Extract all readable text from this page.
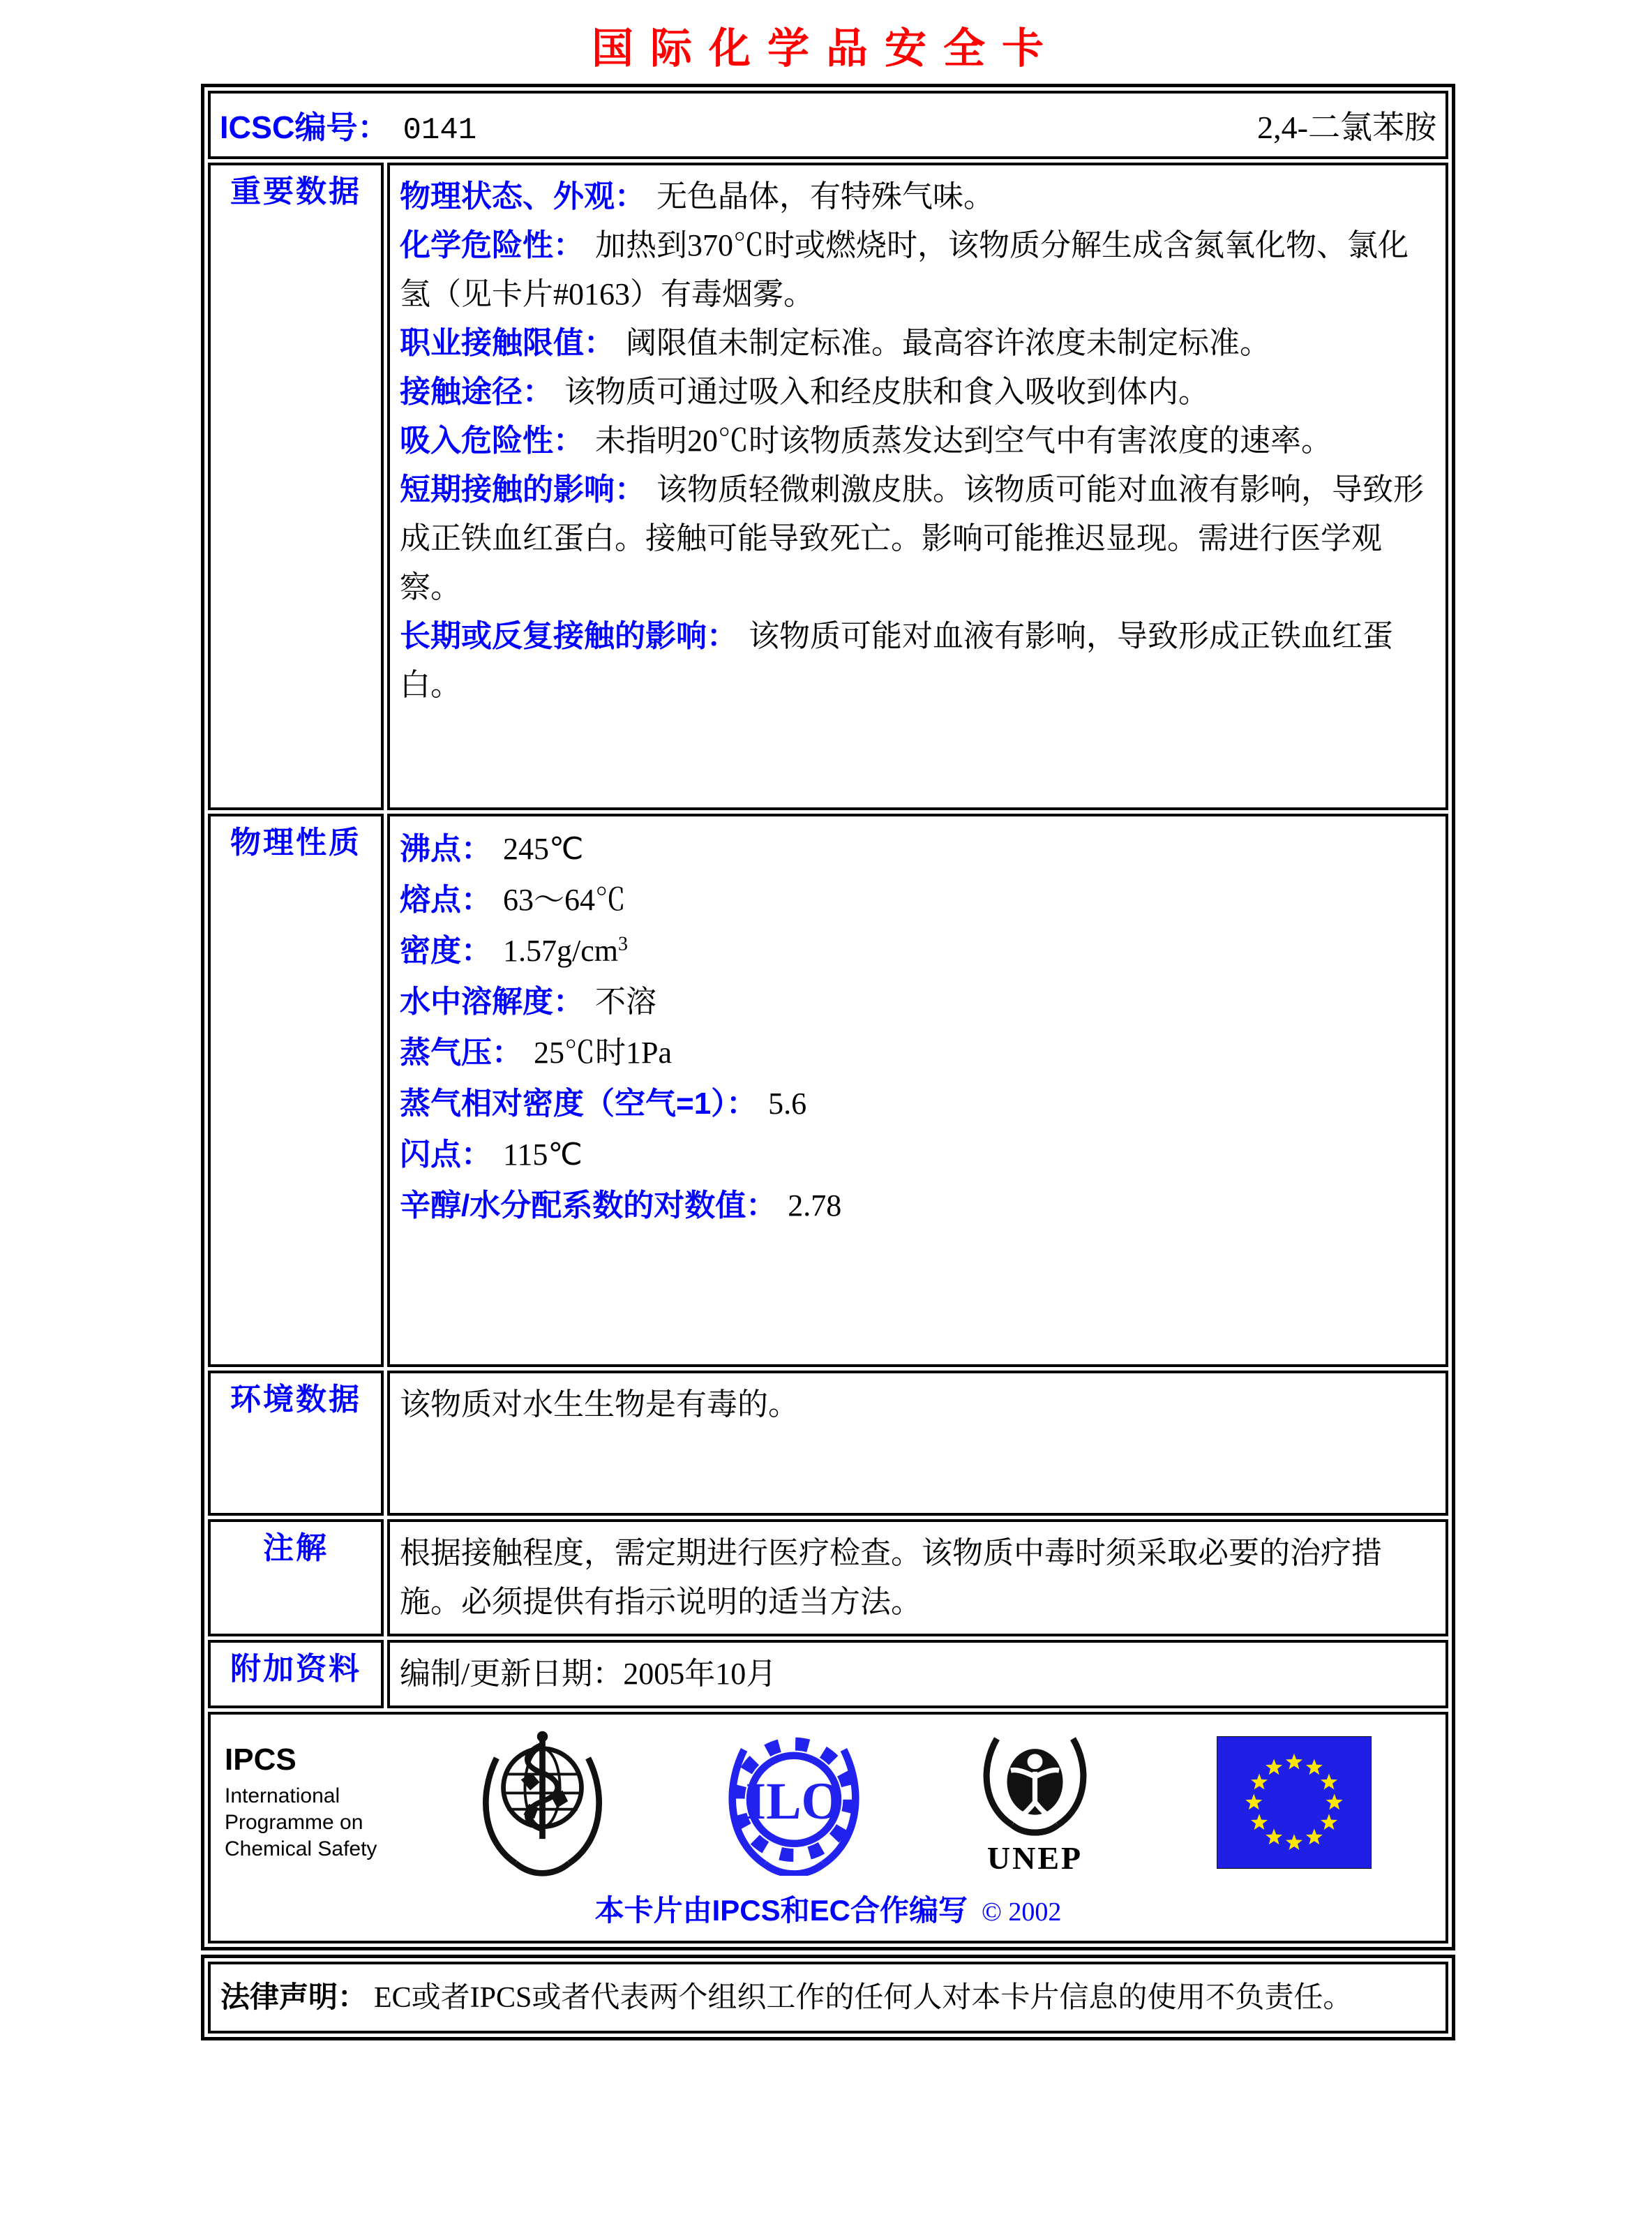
国际化学品安全卡
ICSC编号： 0141 2,4-二氯苯胺	

重要数据	物理状态、外观： 无色晶体，有特殊气味。
化学危险性： 加热到370℃时或燃烧时，该物质分解生成含氮氧化物、氯化氢（见卡片#0163）有毒烟雾。
职业接触限值： 阈限值未制定标准。最高容许浓度未制定标准。
接触途径： 该物质可通过吸入和经皮肤和食入吸收到体内。
吸入危险性： 未指明20℃时该物质蒸发达到空气中有害浓度的速率。
短期接触的影响： 该物质轻微刺激皮肤。该物质可能对血液有影响，导致形成正铁血红蛋白。接触可能导致死亡。影响可能推迟显现。需进行医学观察。
长期或反复接触的影响： 该物质可能对血液有影响，导致形成正铁血红蛋白。

物理性质	沸点： 245℃
熔点： 63～64℃
密度： $1.57g/cm^3$
水中溶解度： 不溶
蒸气压： 25℃时1Pa
蒸气相对密度（空气=1）： 5.6
闪点： 115℃
辛醇/水分配系数的对数值： 2.78

环境数据	该物质对水生生物是有毒的。
注解	根据接触程度，需定期进行医疗检查。该物质中毒时须采取必要的治疗措施。必须提供有指示说明的适当方法。
附加资料	编制/更新日期：2005年10月

IPCS
International
Programme on
Chemical Safety
ILO
UNEP
本卡片由IPCS和EC合作编写 © 2002
法律声明： EC或者IPCS或者代表两个组织工作的任何人对本卡片信息的使用不负责任。
